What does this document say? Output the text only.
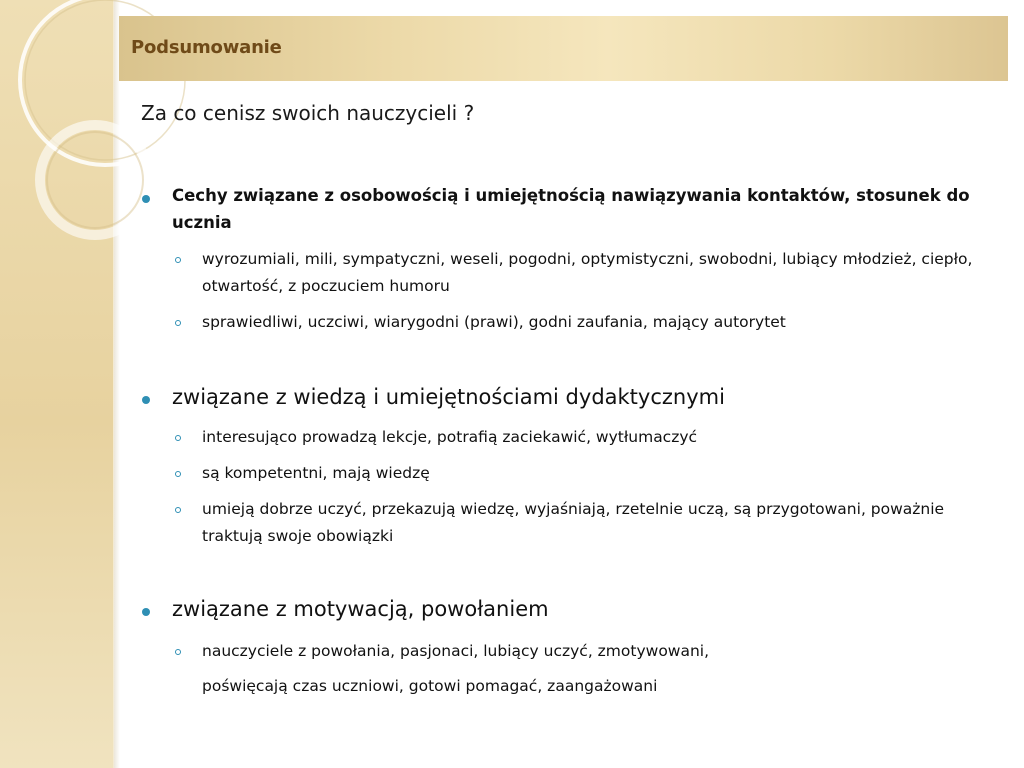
Podsumowanie
Za co cenisz swoich nauczycieli ?
Cechy związane z osobowością i umiejętnością nawiązywania kontaktów, stosunek do ucznia
wyrozumiali, mili, sympatyczni, weseli, pogodni, optymistyczni, swobodni, lubiący młodzież, ciepło, otwartość, z poczuciem humoru
sprawiedliwi, uczciwi, wiarygodni (prawi), godni zaufania, mający autorytet
związane z wiedzą i umiejętnościami dydaktycznymi
interesująco prowadzą lekcje, potrafią zaciekawić, wytłumaczyć
są kompetentni, mają wiedzę
umieją dobrze uczyć, przekazują wiedzę, wyjaśniają, rzetelnie uczą, są przygotowani, poważnie traktują swoje obowiązki
związane z motywacją, powołaniem
nauczyciele z powołania, pasjonaci, lubiący uczyć, zmotywowani,
poświęcają czas uczniowi, gotowi pomagać, zaangażowani
